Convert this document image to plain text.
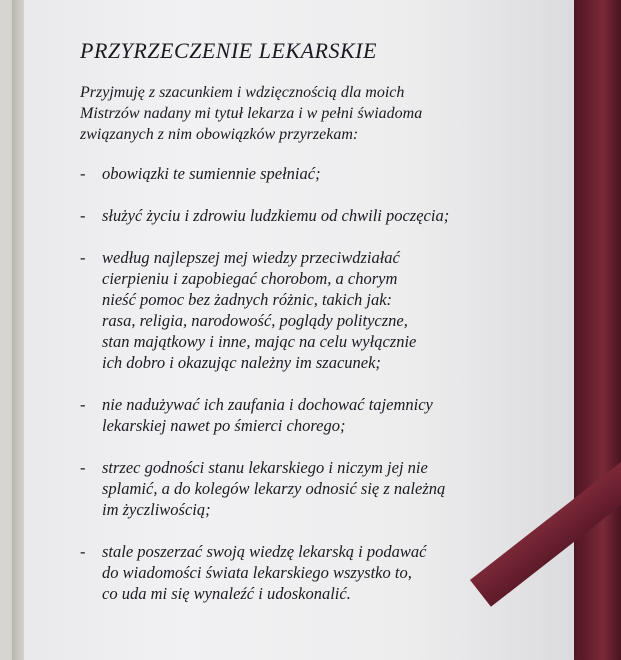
PRZYRZECZENIE LEKARSKIE

Przyjmuję z szacunkiem i wdzięcznością dla moich
Mistrzów nadany mi tytuł lekarza i w pełni świadoma
związanych z nim obowiązków przyrzekam:

- obowiązki te sumiennie spełniać;
- służyć życiu i zdrowiu ludzkiemu od chwili poczęcia;
- według najlepszej mej wiedzy przeciwdziałać
cierpieniu i zapobiegać chorobom, a chorym
nieść pomoc bez żadnych różnic, takich jak:
rasa, religia, narodowość, poglądy polityczne,
stan majątkowy i inne, mając na celu wyłącznie
ich dobro i okazując należny im szacunek;
- nie nadużywać ich zaufania i dochować tajemnicy
lekarskiej nawet po śmierci chorego;
- strzec godności stanu lekarskiego i niczym jej nie
splamić, a do kolegów lekarzy odnosić się z należną
im życzliwością;
- stale poszerzać swoją wiedzę lekarską i podawać
do wiadomości świata lekarskiego wszystko to,
co uda mi się wynaleźć i udoskonalić.
